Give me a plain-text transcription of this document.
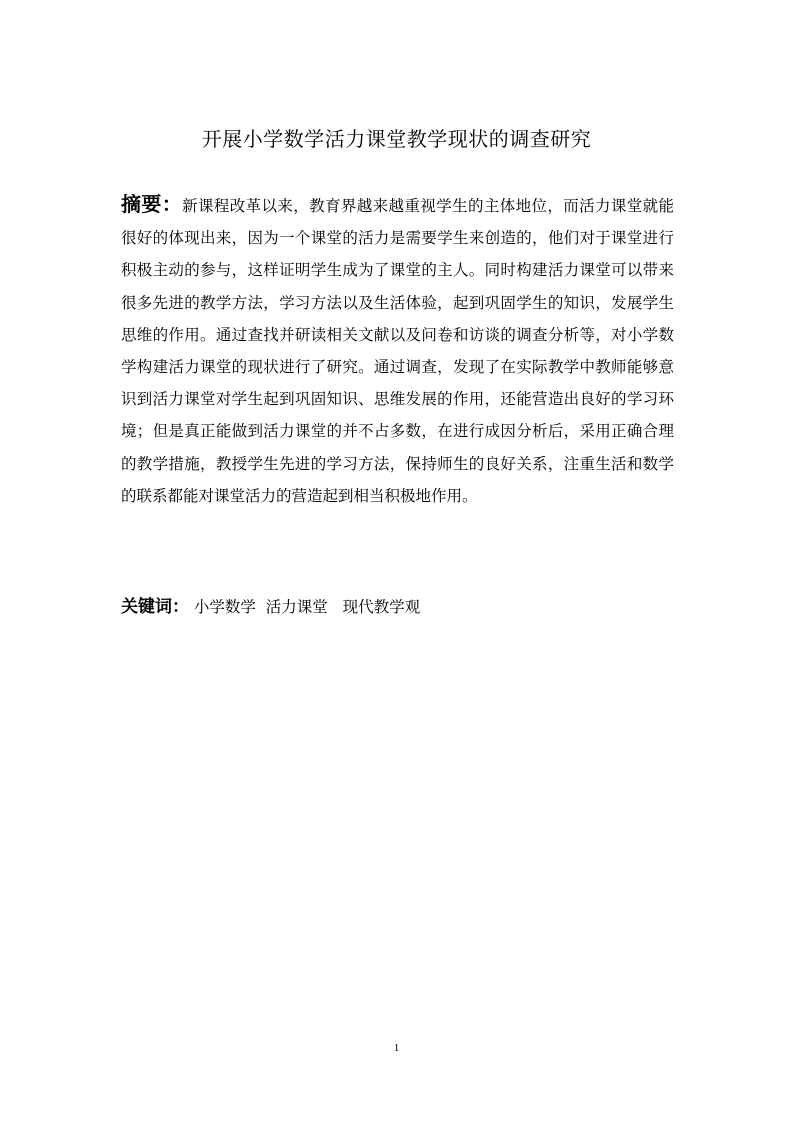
开展小学数学活力课堂教学现状的调查研究
摘要：新课程改革以来，教育界越来越重视学生的主体地位，而活力课堂就能很好的体现出来，因为一个课堂的活力是需要学生来创造的，他们对于课堂进行积极主动的参与，这样证明学生成为了课堂的主人。同时构建活力课堂可以带来很多先进的教学方法，学习方法以及生活体验，起到巩固学生的知识，发展学生思维的作用。通过查找并研读相关文献以及问卷和访谈的调查分析等，对小学数学构建活力课堂的现状进行了研究。通过调查，发现了在实际教学中教师能够意识到活力课堂对学生起到巩固知识、思维发展的作用，还能营造出良好的学习环境；但是真正能做到活力课堂的并不占多数，在进行成因分析后，采用正确合理的教学措施，教授学生先进的学习方法，保持师生的良好关系，注重生活和数学的联系都能对课堂活力的营造起到相当积极地作用。
关键词： 小学数学  活力课堂   现代教学观
1
